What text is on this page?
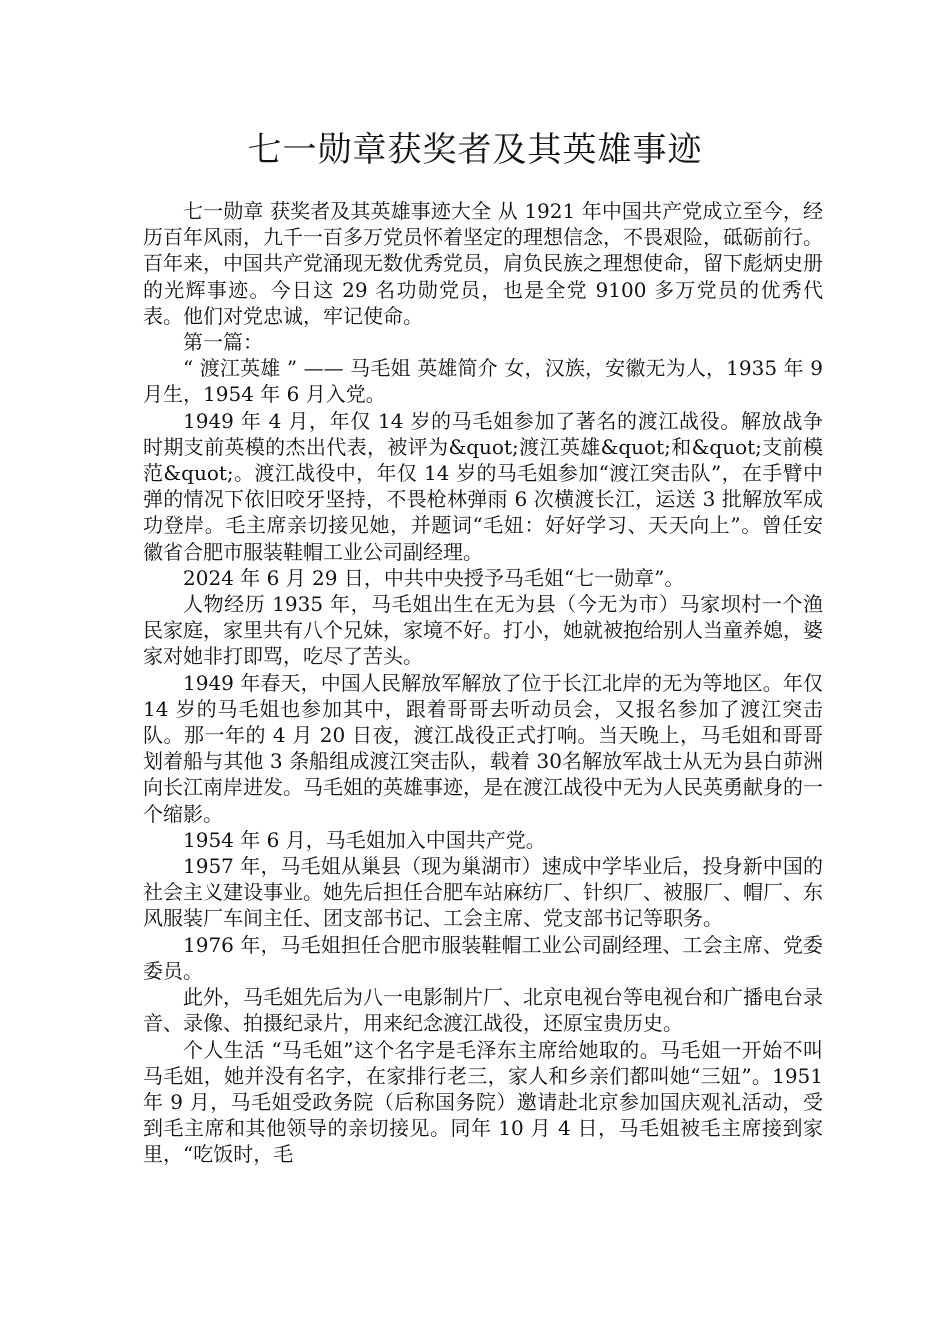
七一勋章获奖者及其英雄事迹

七一勋章 获奖者及其英雄事迹大全 从 1921 年中国共产党成立至今，经历百年风雨，九千一百多万党员怀着坚定的理想信念，不畏艰险，砥砺前行。百年来，中国共产党涌现无数优秀党员，肩负民族之理想使命，留下彪炳史册的光辉事迹。今日这 29 名功勋党员，也是全党 9100 多万党员的优秀代表。他们对党忠诚，牢记使命。

第一篇：

“ 渡江英雄 ” —— 马毛姐 英雄简介 女，汉族，安徽无为人，1935 年 9 月生，1954 年 6 月入党。

1949 年 4 月，年仅 14 岁的马毛姐参加了著名的渡江战役。解放战争时期支前英模的杰出代表，被评为&quot;渡江英雄&quot;和&quot;支前模范&quot;。渡江战役中，年仅 14 岁的马毛姐参加“渡江突击队”，在手臂中弹的情况下依旧咬牙坚持，不畏枪林弹雨 6 次横渡长江，运送 3 批解放军成功登岸。毛主席亲切接见她，并题词“毛妞：好好学习、天天向上”。曾任安徽省合肥市服装鞋帽工业公司副经理。

2024 年 6 月 29 日，中共中央授予马毛姐“七一勋章”。

人物经历 1935 年，马毛姐出生在无为县（今无为市）马家坝村一个渔民家庭，家里共有八个兄妹，家境不好。打小，她就被抱给别人当童养媳，婆家对她非打即骂，吃尽了苦头。

1949 年春天，中国人民解放军解放了位于长江北岸的无为等地区。年仅 14 岁的马毛姐也参加其中，跟着哥哥去听动员会，又报名参加了渡江突击队。那一年的 4 月 20 日夜，渡江战役正式打响。当天晚上，马毛姐和哥哥划着船与其他 3 条船组成渡江突击队，载着 30名解放军战士从无为县白茆洲向长江南岸进发。马毛姐的英雄事迹，是在渡江战役中无为人民英勇献身的一个缩影。

1954 年 6 月，马毛姐加入中国共产党。

1957 年，马毛姐从巢县（现为巢湖市）速成中学毕业后，投身新中国的社会主义建设事业。她先后担任合肥车站麻纺厂、针织厂、被服厂、帽厂、东风服装厂车间主任、团支部书记、工会主席、党支部书记等职务。

1976 年，马毛姐担任合肥市服装鞋帽工业公司副经理、工会主席、党委委员。

此外，马毛姐先后为八一电影制片厂、北京电视台等电视台和广播电台录音、录像、拍摄纪录片，用来纪念渡江战役，还原宝贵历史。

个人生活 “马毛姐”这个名字是毛泽东主席给她取的。马毛姐一开始不叫马毛姐，她并没有名字，在家排行老三，家人和乡亲们都叫她“三妞”。1951 年 9 月，马毛姐受政务院（后称国务院）邀请赴北京参加国庆观礼活动，受到毛主席和其他领导的亲切接见。同年 10 月 4 日，马毛姐被毛主席接到家里，“吃饭时，毛
